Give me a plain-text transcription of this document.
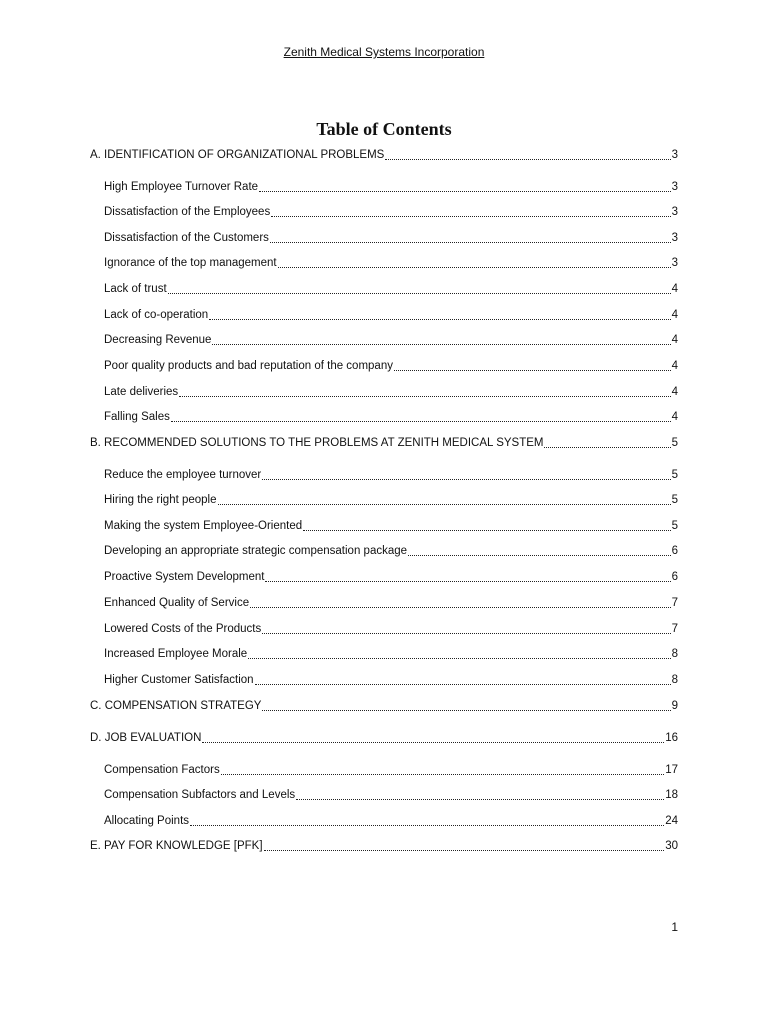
Zenith Medical Systems Incorporation
Table of Contents
A. IDENTIFICATION OF ORGANIZATIONAL PROBLEMS	3
High Employee Turnover Rate	3
Dissatisfaction of the Employees	3
Dissatisfaction of the Customers	3
Ignorance of the top management	3
Lack of trust	4
Lack of co-operation	4
Decreasing Revenue	4
Poor quality products and bad reputation of the company	4
Late deliveries	4
Falling Sales	4
B. RECOMMENDED SOLUTIONS TO THE PROBLEMS AT ZENITH MEDICAL SYSTEM	5
Reduce the employee turnover	5
Hiring the right people	5
Making the system Employee-Oriented	5
Developing an appropriate strategic compensation package	6
Proactive System Development	6
Enhanced Quality of Service	7
Lowered Costs of the Products	7
Increased Employee Morale	8
Higher Customer Satisfaction	8
C. COMPENSATION STRATEGY	9
D. JOB EVALUATION	16
Compensation Factors	17
Compensation Subfactors and Levels	18
Allocating Points	24
E. PAY FOR KNOWLEDGE [PFK]	30
1
